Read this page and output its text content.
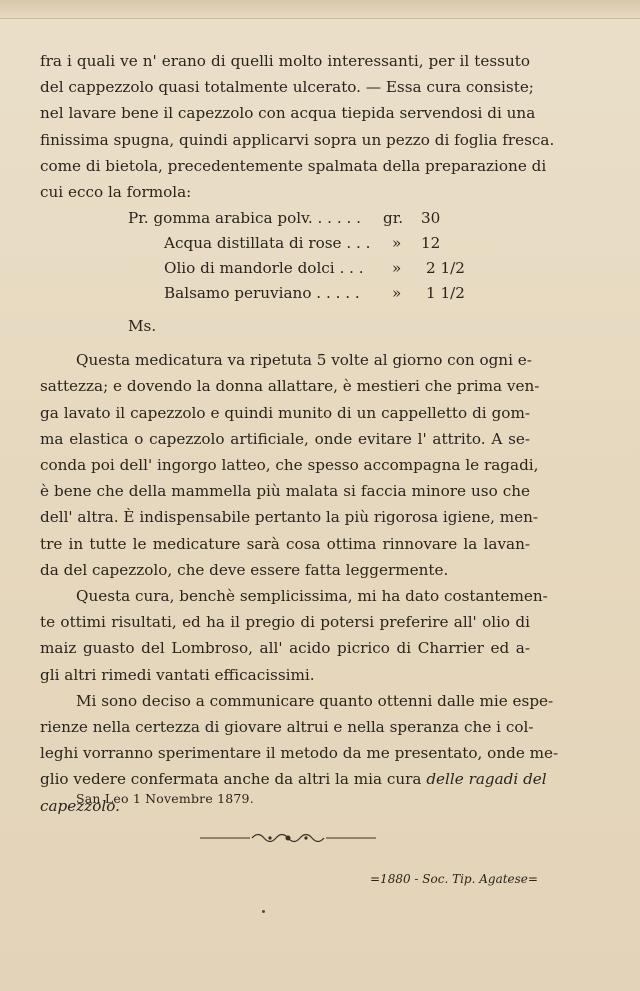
fra i quali ve n' erano di quelli molto interessanti, per il tessuto
del cappezzolo quasi totalmente ulcerato. — Essa cura consiste;
nel lavare bene il capezzolo con acqua tiepida servendosi di una
finissima spugna, quindi applicarvi sopra un pezzo di foglia fresca.
come di bietola, precedentemente spalmata della preparazione di
cui ecco la formola:
Pr. gomma arabica polv. . . . . . gr. 30
Acqua distillata di rose . . . » 12
Olio di mandorle dolci . . . » 2 1/2
Balsamo peruviano . . . . . » 1 1/2
Ms.
Questa medicatura va ripetuta 5 volte al giorno con ogni e-
sattezza; e dovendo la donna allattare, è mestieri che prima ven-
ga lavato il capezzolo e quindi munito di un cappelletto di gom-
ma elastica o capezzolo artificiale, onde evitare l' attrito. A se-
conda poi dell' ingorgo latteo, che spesso accompagna le ragadi,
è bene che della mammella più malata si faccia minore uso che
dell' altra. È indispensabile pertanto la più rigorosa igiene, men-
tre in tutte le medicature sarà cosa ottima rinnovare la lavan-
da del capezzolo, che deve essere fatta leggermente.
Questa cura, benchè semplicissima, mi ha dato costantemen-
te ottimi risultati, ed ha il pregio di potersi preferire all' olio di
maiz guasto del Lombroso, all' acido picrico di Charrier ed a-
gli altri rimedi vantati efficacissimi.
Mi sono deciso a communicare quanto ottenni dalle mie espe-
rienze nella certezza di giovare altrui e nella speranza che i col-
leghi vorranno sperimentare il metodo da me presentato, onde me-
glio vedere confermata anche da altri la mia cura delle ragadi del
capezzolo.
San Leo 1 Novembre 1879.
=1880 - Soc. Tip. Agatese=
